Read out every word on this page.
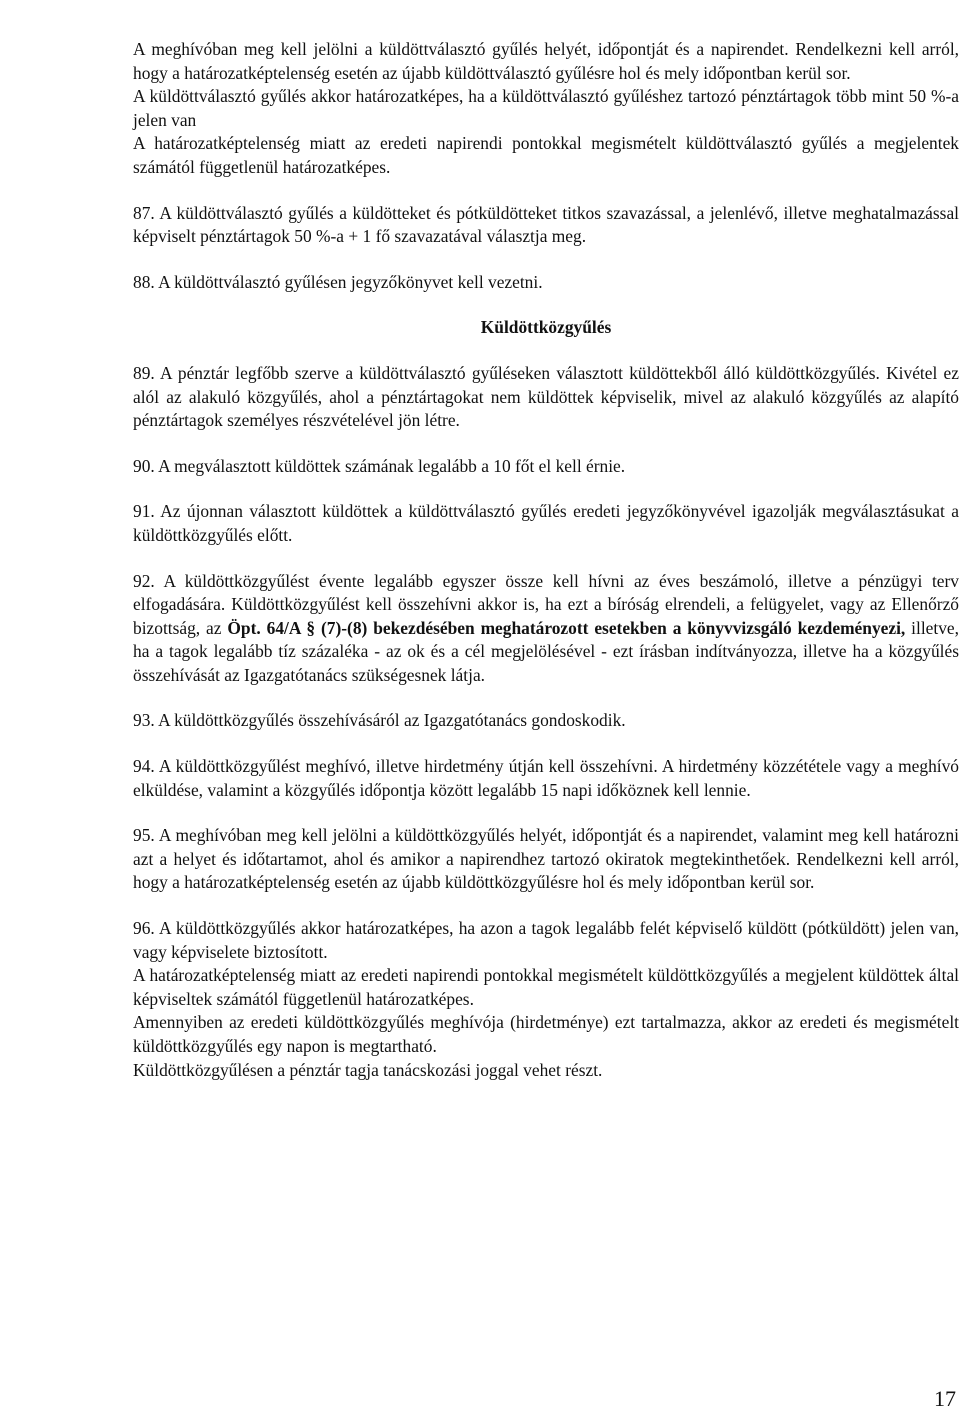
A meghívóban meg kell jelölni a küldöttválasztó gyűlés helyét, időpontját és a napirendet. Rendelkezni kell arról, hogy a határozatképtelenség esetén az újabb küldöttválasztó gyűlésre hol és mely időpontban kerül sor.

A küldöttválasztó gyűlés akkor határozatképes, ha a küldöttválasztó gyűléshez tartozó pénztártagok több mint 50 %-a jelen van

A határozatképtelenség miatt az eredeti napirendi pontokkal megismételt küldöttválasztó gyűlés a megjelentek számától függetlenül határozatképes.

87. A küldöttválasztó gyűlés a küldötteket és pótküldötteket titkos szavazással, a jelenlévő, illetve meghatalmazással képviselt pénztártagok 50 %-a + 1 fő szavazatával választja meg.

88. A küldöttválasztó gyűlésen jegyzőkönyvet kell vezetni.

Küldöttközgyűlés

89. A pénztár legfőbb szerve a küldöttválasztó gyűléseken választott küldöttekből álló küldöttközgyűlés. Kivétel ez alól az alakuló közgyűlés, ahol a pénztártagokat nem küldöttek képviselik, mivel az alakuló közgyűlés az alapító pénztártagok személyes részvételével jön létre.

90. A megválasztott küldöttek számának legalább a 10 főt el kell érnie.

91. Az újonnan választott küldöttek a küldöttválasztó gyűlés eredeti jegyzőkönyvével igazolják megválasztásukat a küldöttközgyűlés előtt.

92. A küldöttközgyűlést évente legalább egyszer össze kell hívni az éves beszámoló, illetve a pénzügyi terv elfogadására. Küldöttközgyűlést kell összehívni akkor is, ha ezt a bíróság elrendeli, a felügyelet, vagy az Ellenőrző bizottság, az Öpt. 64/A § (7)-(8) bekezdésében meghatározott esetekben a könyvvizsgáló kezdeményezi, illetve, ha a tagok legalább tíz százaléka - az ok és a cél megjelölésével - ezt írásban indítványozza, illetve ha a közgyűlés összehívását az Igazgatótanács szükségesnek látja.

93. A küldöttközgyűlés összehívásáról az Igazgatótanács gondoskodik.

94. A küldöttközgyűlést meghívó, illetve hirdetmény útján kell összehívni. A hirdetmény közzététele vagy a meghívó elküldése, valamint a közgyűlés időpontja között legalább 15 napi időköznek kell lennie.

95. A meghívóban meg kell jelölni a küldöttközgyűlés helyét, időpontját és a napirendet, valamint meg kell határozni azt a helyet és időtartamot, ahol és amikor a napirendhez tartozó okiratok megtekinthetőek. Rendelkezni kell arról, hogy a határozatképtelenség esetén az újabb küldöttközgyűlésre hol és mely időpontban kerül sor.

96. A küldöttközgyűlés akkor határozatképes, ha azon a tagok legalább felét képviselő küldött (pótküldött) jelen van, vagy képviselete biztosított.

A határozatképtelenség miatt az eredeti napirendi pontokkal megismételt küldöttközgyűlés a megjelent küldöttek által képviseltek számától függetlenül határozatképes.

Amennyiben az eredeti küldöttközgyűlés meghívója (hirdetménye) ezt tartalmazza, akkor az eredeti és megismételt küldöttközgyűlés egy napon is megtartható.

Küldöttközgyűlésen a pénztár tagja tanácskozási joggal vehet részt.

17
